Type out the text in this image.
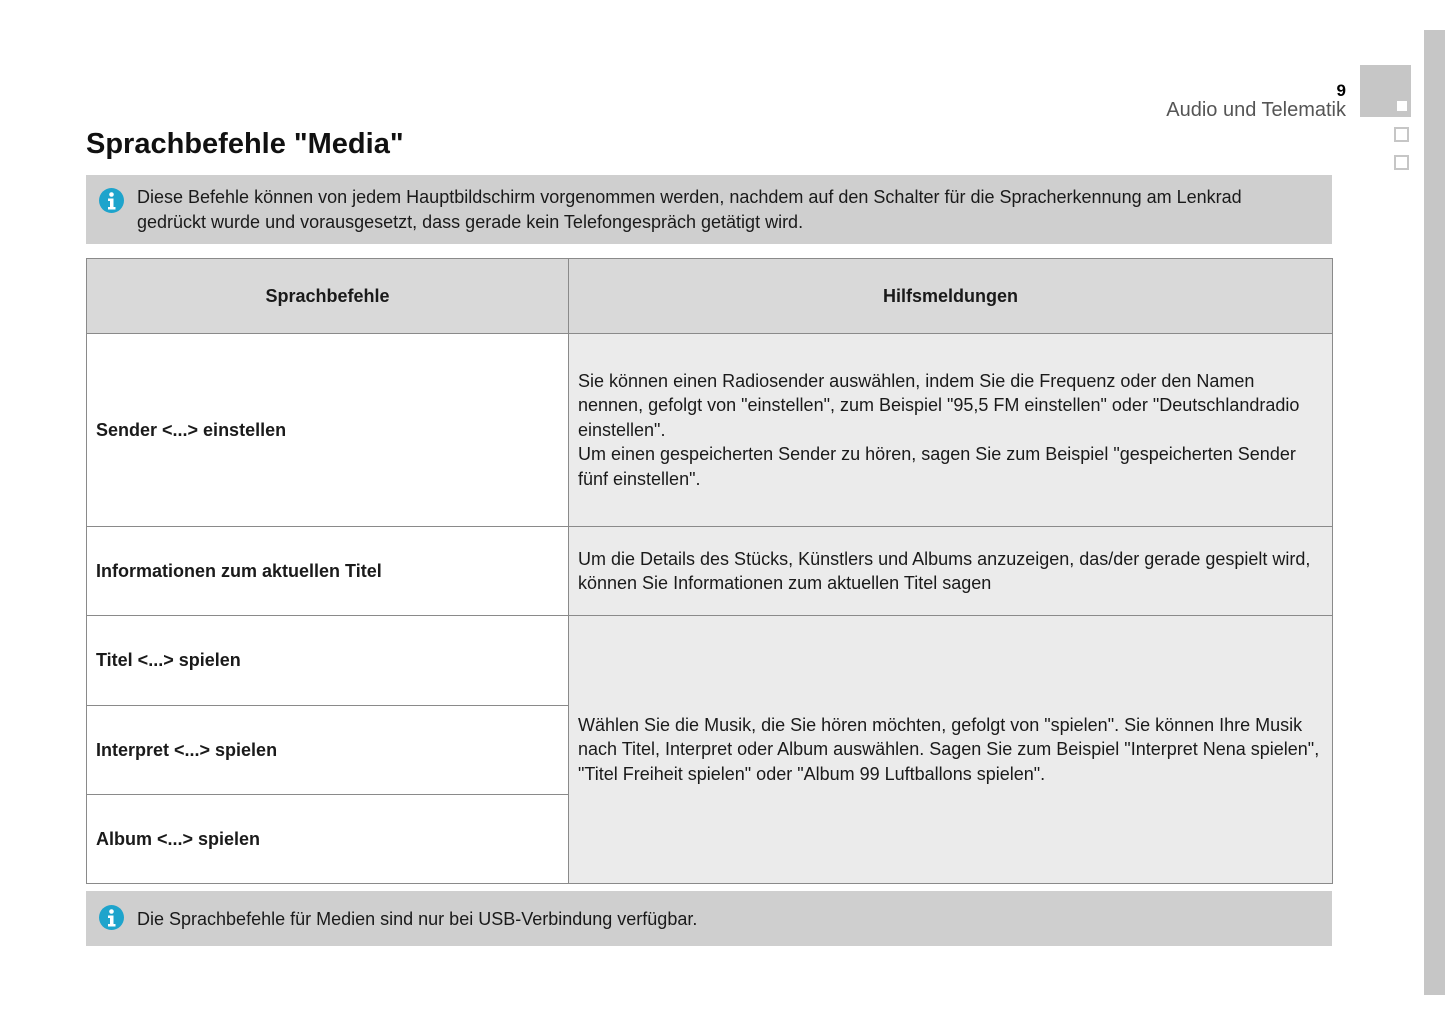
9
Audio und Telematik
Sprachbefehle "Media"
Diese Befehle können von jedem Hauptbildschirm vorgenommen werden, nachdem auf den Schalter für die Spracherkennung am Lenkrad gedrückt wurde und vorausgesetzt, dass gerade kein Telefongespräch getätigt wird.
Sprachbefehle	Hilfsmeldungen
Sender <...> einstellen	Sie können einen Radiosender auswählen, indem Sie die Frequenz oder den Namen nennen, gefolgt von "einstellen", zum Beispiel "95,5 FM einstellen" oder "Deutschlandradio einstellen".
Um einen gespeicherten Sender zu hören, sagen Sie zum Beispiel "gespeicherten Sender fünf einstellen".
Informationen zum aktuellen Titel	Um die Details des Stücks, Künstlers und Albums anzuzeigen, das/der gerade gespielt wird, können Sie Informationen zum aktuellen Titel sagen
Titel <...> spielen	Wählen Sie die Musik, die Sie hören möchten, gefolgt von "spielen". Sie können Ihre Musik nach Titel, Interpret oder Album auswählen. Sagen Sie zum Beispiel "Interpret Nena spielen", "Titel Freiheit spielen" oder "Album 99 Luftballons spielen".
Interpret <...> spielen	
Album <...> spielen	
Die Sprachbefehle für Medien sind nur bei USB-Verbindung verfügbar.
